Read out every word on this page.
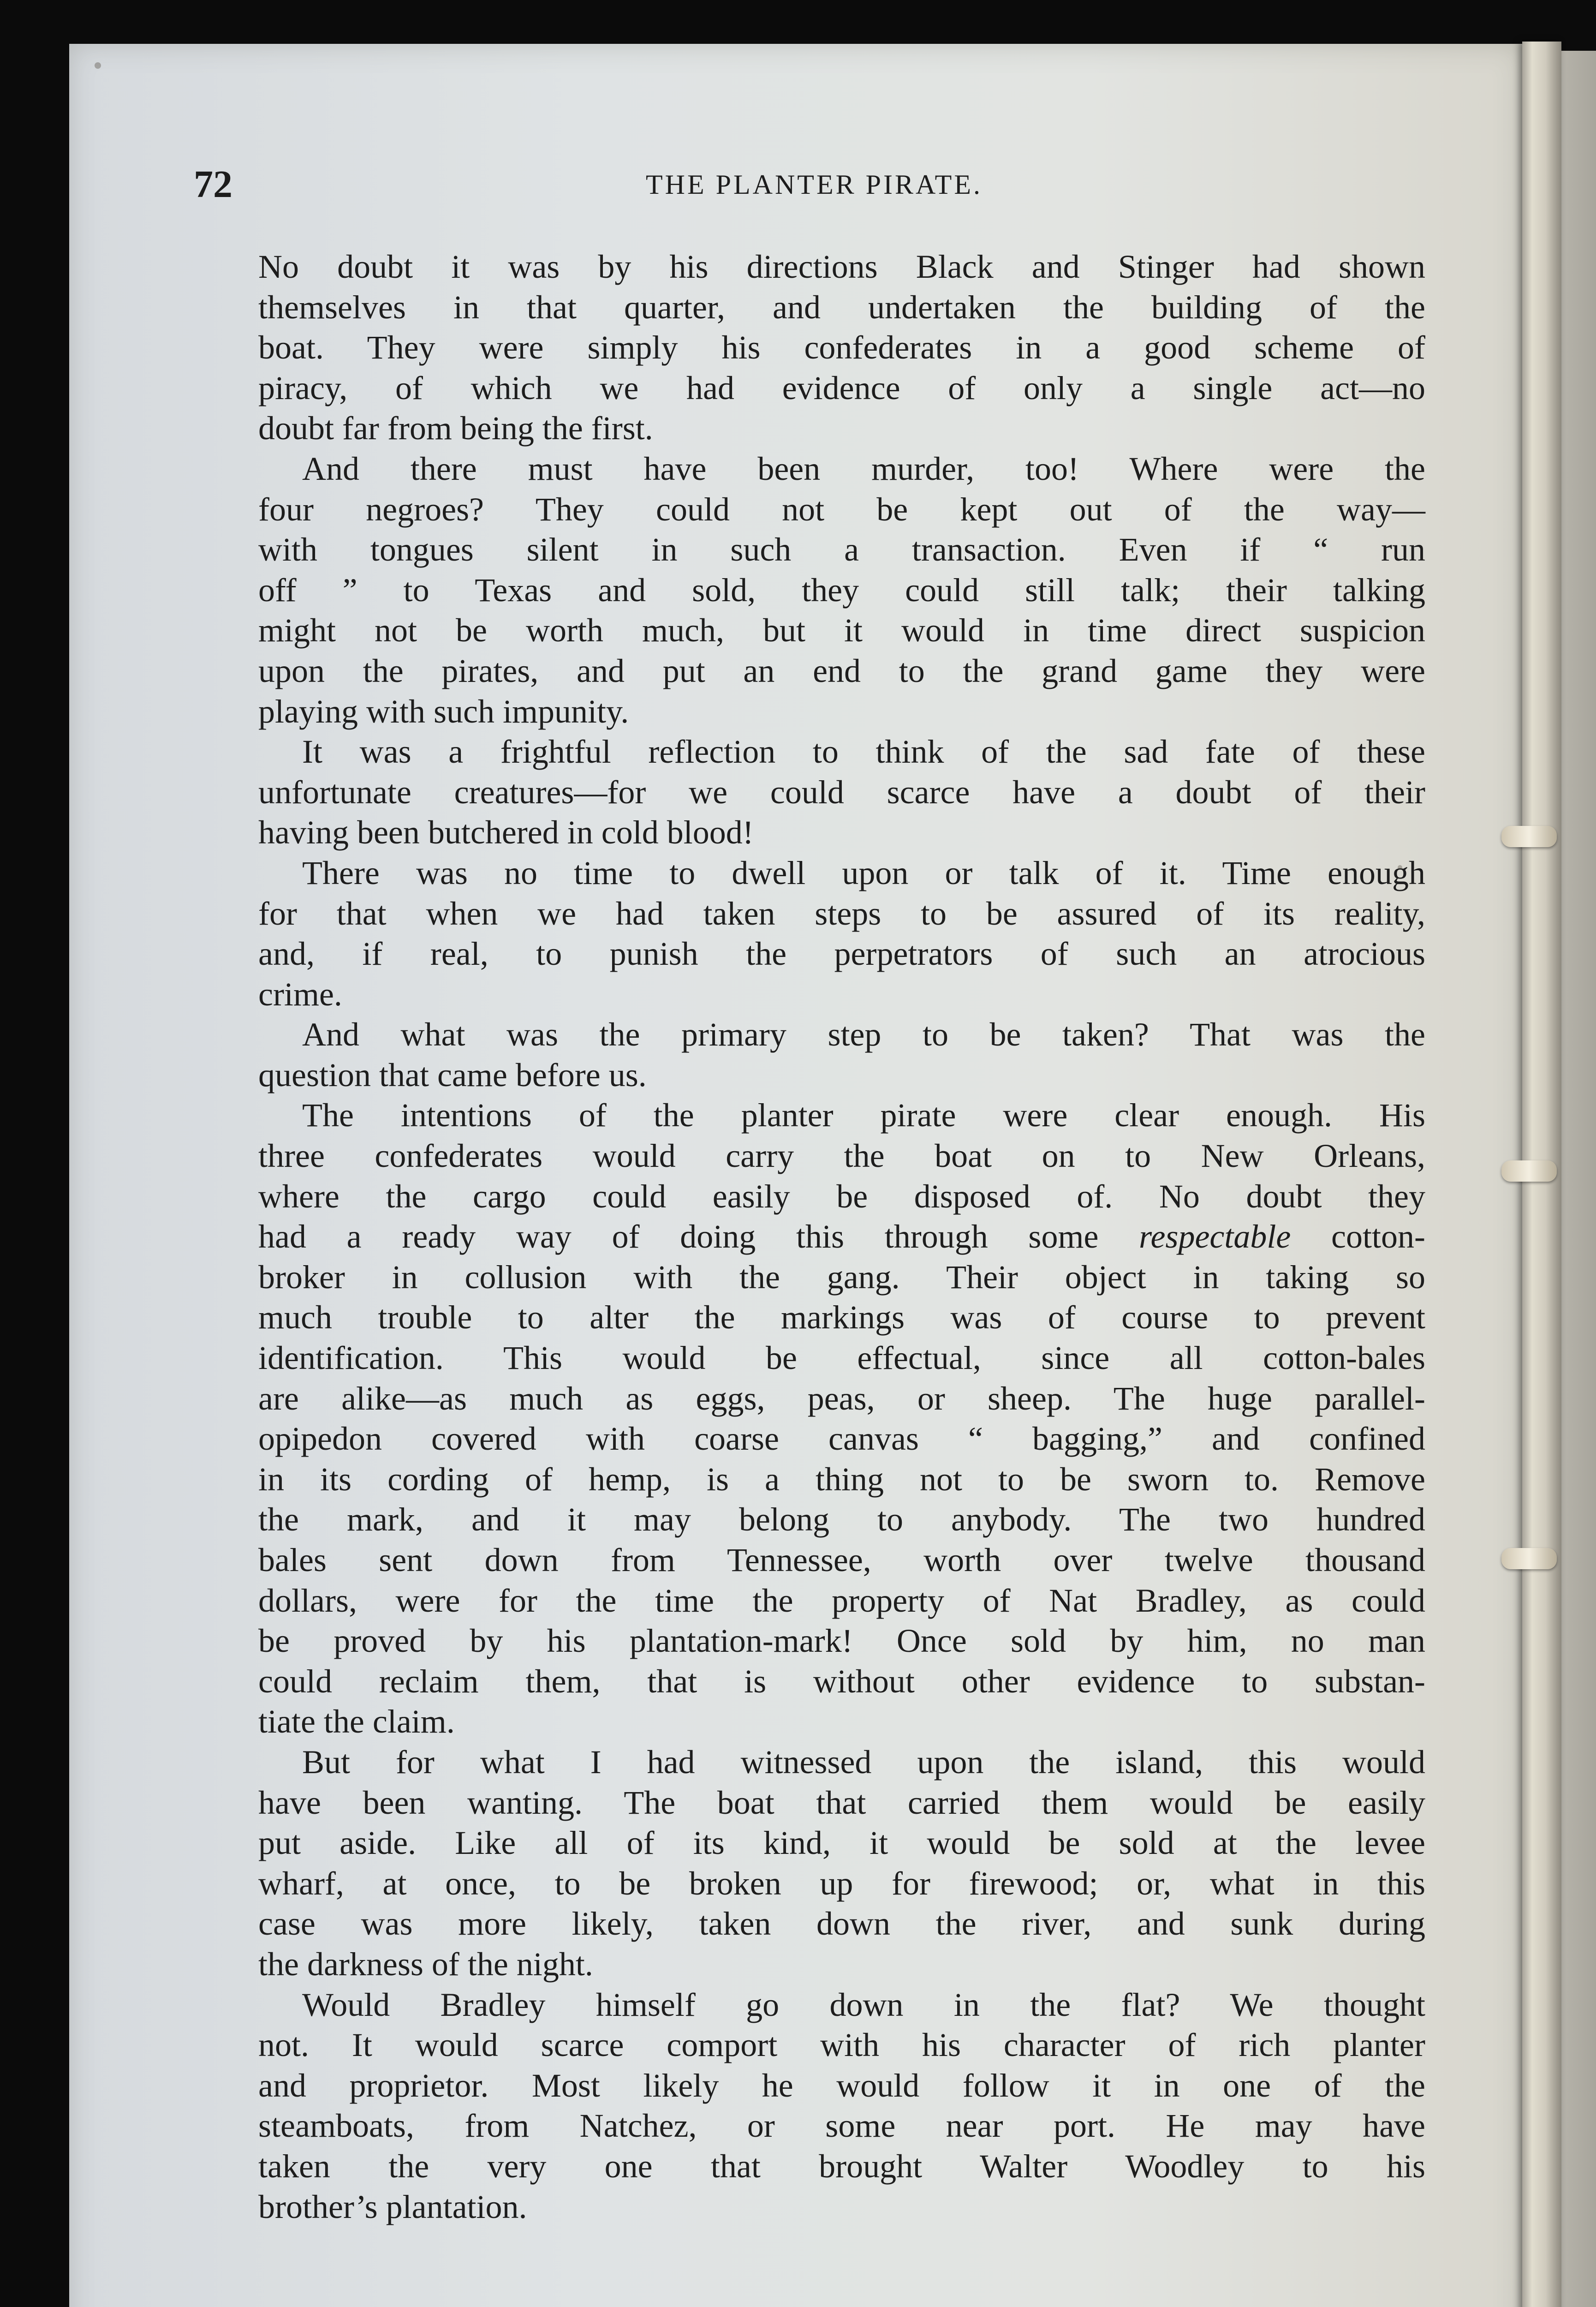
72	THE PLANTER PIRATE.
No doubt it was by his directions Black and Stinger had shown
themselves in that quarter, and undertaken the building of the
boat. They were simply his confederates in a good scheme of
piracy, of which we had evidence of only a single act—no
doubt far from being the first.
And there must have been murder, too! Where were the
four negroes? They could not be kept out of the way—
with tongues silent in such a transaction. Even if “ run
off ” to Texas and sold, they could still talk; their talking
might not be worth much, but it would in time direct suspicion
upon the pirates, and put an end to the grand game they were
playing with such impunity.
It was a frightful reflection to think of the sad fate of these
unfortunate creatures—for we could scarce have a doubt of their
having been butchered in cold blood!
There was no time to dwell upon or talk of it. Time enough
for that when we had taken steps to be assured of its reality,
and, if real, to punish the perpetrators of such an atrocious
crime.
And what was the primary step to be taken? That was the
question that came before us.
The intentions of the planter pirate were clear enough. His
three confederates would carry the boat on to New Orleans,
where the cargo could easily be disposed of. No doubt they
had a ready way of doing this through some respectable cotton-
broker in collusion with the gang. Their object in taking so
much trouble to alter the markings was of course to prevent
identification. This would be effectual, since all cotton-bales
are alike—as much as eggs, peas, or sheep. The huge parallel-
opipedon covered with coarse canvas “ bagging,” and confined
in its cording of hemp, is a thing not to be sworn to. Remove
the mark, and it may belong to anybody. The two hundred
bales sent down from Tennessee, worth over twelve thousand
dollars, were for the time the property of Nat Bradley, as could
be proved by his plantation-mark! Once sold by him, no man
could reclaim them, that is without other evidence to substan-
tiate the claim.
But for what I had witnessed upon the island, this would
have been wanting. The boat that carried them would be easily
put aside. Like all of its kind, it would be sold at the levee
wharf, at once, to be broken up for firewood; or, what in this
case was more likely, taken down the river, and sunk during
the darkness of the night.
Would Bradley himself go down in the flat? We thought
not. It would scarce comport with his character of rich planter
and proprietor. Most likely he would follow it in one of the
steamboats, from Natchez, or some near port. He may have
taken the very one that brought Walter Woodley to his
brother’s plantation.
